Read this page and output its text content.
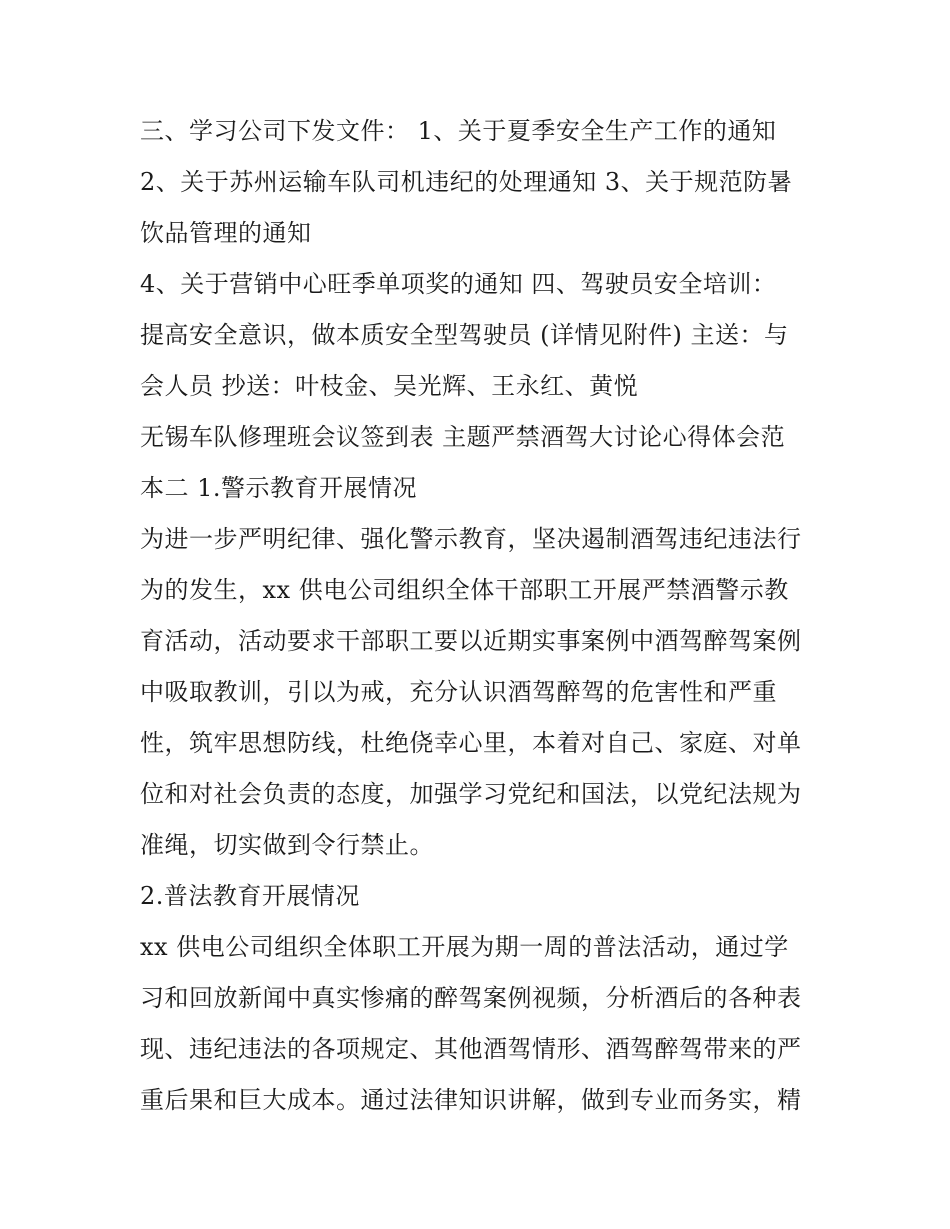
三、学习公司下发文件： 1、关于夏季安全生产工作的通知
2、关于苏州运输车队司机违纪的处理通知 3、关于规范防暑
饮品管理的通知
4、关于营销中心旺季单项奖的通知 四、驾驶员安全培训：
提高安全意识，做本质安全型驾驶员 (详情见附件) 主送：与
会人员 抄送：叶枝金、吴光辉、王永红、黄悦
无锡车队修理班会议签到表 主题严禁酒驾大讨论心得体会范
本二 1.警示教育开展情况
为进一步严明纪律、强化警示教育，坚决遏制酒驾违纪违法行
为的发生，xx 供电公司组织全体干部职工开展严禁酒警示教
育活动，活动要求干部职工要以近期实事案例中酒驾醉驾案例
中吸取教训，引以为戒，充分认识酒驾醉驾的危害性和严重
性，筑牢思想防线，杜绝侥幸心里，本着对自己、家庭、对单
位和对社会负责的态度，加强学习党纪和国法，以党纪法规为
准绳，切实做到令行禁止。
2.普法教育开展情况
xx 供电公司组织全体职工开展为期一周的普法活动，通过学
习和回放新闻中真实惨痛的醉驾案例视频，分析酒后的各种表
现、违纪违法的各项规定、其他酒驾情形、酒驾醉驾带来的严
重后果和巨大成本。通过法律知识讲解，做到专业而务实，精
